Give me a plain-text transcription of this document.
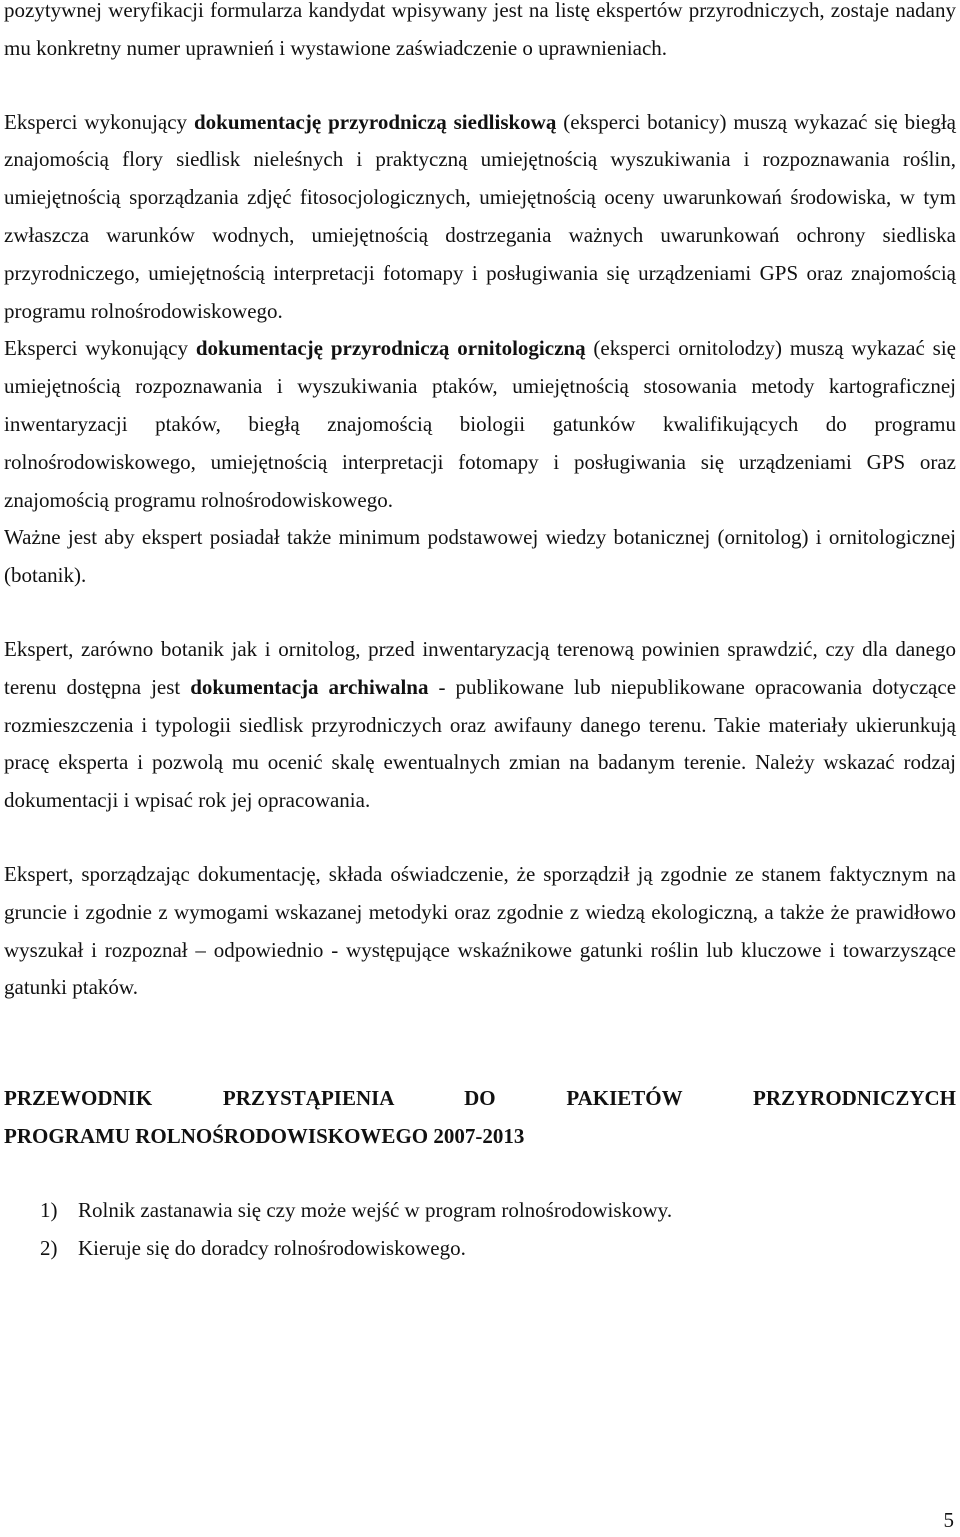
pozytywnej weryfikacji formularza kandydat wpisywany jest na listę ekspertów przyrodniczych, zostaje nadany mu konkretny numer uprawnień i wystawione zaświadczenie o uprawnieniach.

Eksperci wykonujący dokumentację przyrodniczą siedliskową (eksperci botanicy) muszą wykazać się biegłą znajomością flory siedlisk nieleśnych i praktyczną umiejętnością wyszukiwania i rozpoznawania roślin, umiejętnością sporządzania zdjęć fitosocjologicznych, umiejętnością oceny uwarunkowań środowiska, w tym zwłaszcza warunków wodnych, umiejętnością dostrzegania ważnych uwarunkowań ochrony siedliska przyrodniczego, umiejętnością interpretacji fotomapy i posługiwania się urządzeniami GPS oraz znajomością programu rolnośrodowiskowego.

Eksperci wykonujący dokumentację przyrodniczą ornitologiczną (eksperci ornitolodzy) muszą wykazać się umiejętnością rozpoznawania i wyszukiwania ptaków, umiejętnością stosowania metody kartograficznej inwentaryzacji ptaków, biegłą znajomością biologii gatunków kwalifikujących do programu rolnośrodowiskowego, umiejętnością interpretacji fotomapy i posługiwania się urządzeniami GPS oraz znajomością programu rolnośrodowiskowego.

Ważne jest aby ekspert posiadał także minimum podstawowej wiedzy botanicznej (ornitolog) i ornitologicznej (botanik).

Ekspert, zarówno botanik jak i ornitolog, przed inwentaryzacją terenową powinien sprawdzić, czy dla danego terenu dostępna jest dokumentacja archiwalna - publikowane lub niepublikowane opracowania dotyczące rozmieszczenia i typologii siedlisk przyrodniczych oraz awifauny danego terenu. Takie materiały ukierunkują pracę eksperta i pozwolą mu ocenić skalę ewentualnych zmian na badanym terenie. Należy wskazać rodzaj dokumentacji i wpisać rok jej opracowania.

Ekspert, sporządzając dokumentację, składa oświadczenie, że sporządził ją zgodnie ze stanem faktycznym na gruncie i zgodnie z wymogami wskazanej metodyki oraz zgodnie z wiedzą ekologiczną, a także że prawidłowo wyszukał i rozpoznał – odpowiednio - występujące wskaźnikowe gatunki roślin lub kluczowe i towarzyszące gatunki ptaków.

PRZEWODNIK PRZYSTĄPIENIA DO PAKIETÓW PRZYRODNICZYCH

PROGRAMU ROLNOŚRODOWISKOWEGO 2007-2013

1) Rolnik zastanawia się czy może wejść w program rolnośrodowiskowy.
2) Kieruje się do doradcy rolnośrodowiskowego.
5
